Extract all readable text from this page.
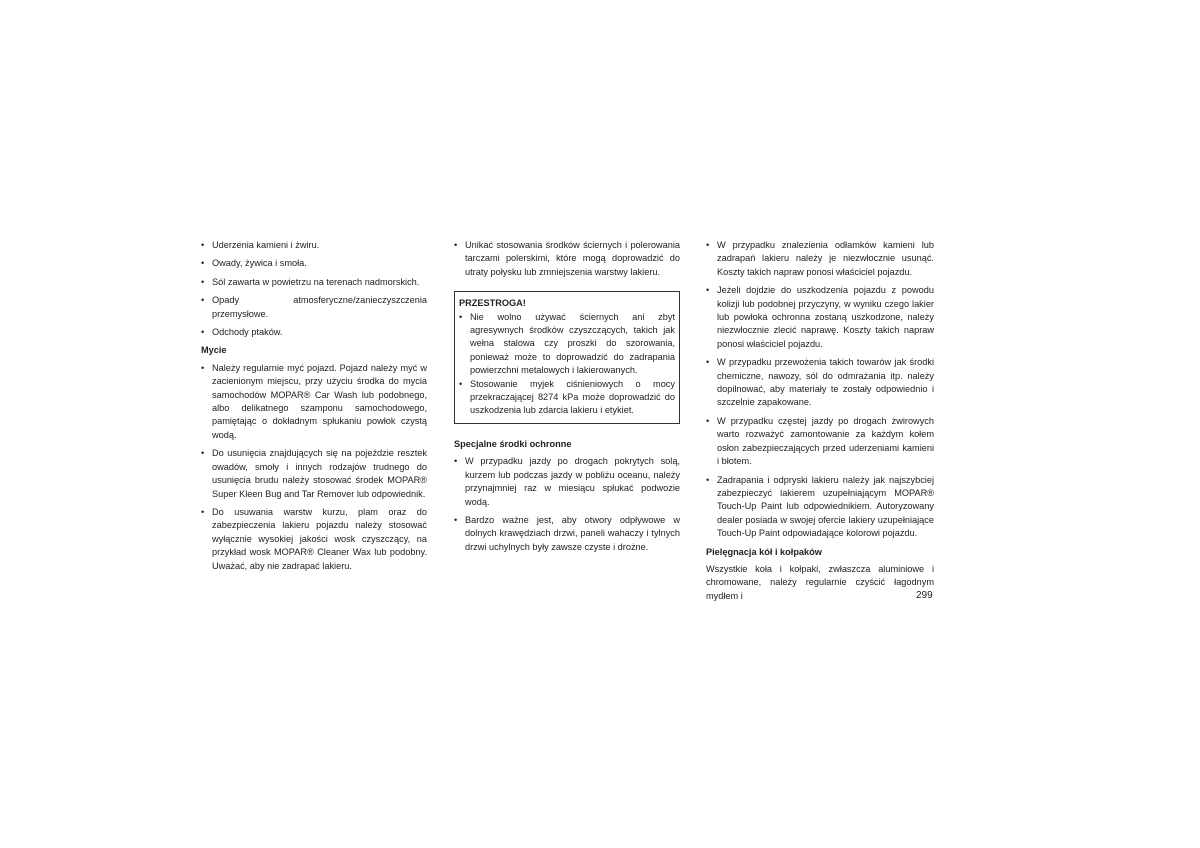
• Uderzenia kamieni i żwiru.
• Owady, żywica i smoła.
• Sól zawarta w powietrzu na terenach nadmorskich.
• Opady atmosferyczne/zanieczyszczenia przemysłowe.
• Odchody ptaków.
Mycie
• Należy regularnie myć pojazd. Pojazd należy myć w zacienionym miejscu, przy użyciu środka do mycia samochodów MOPAR® Car Wash lub podobnego, albo delikatnego szamponu samochodowego, pamiętając o dokładnym spłukaniu powłok czystą wodą.
• Do usunięcia znajdujących się na pojeździe resztek owadów, smoły i innych rodzajów trudnego do usunięcia brudu należy stosować środek MOPAR® Super Kleen Bug and Tar Remover lub odpowiednik.
• Do usuwania warstw kurzu, plam oraz do zabezpieczenia lakieru pojazdu należy stosować wyłącznie wysokiej jakości wosk czyszczący, na przykład wosk MOPAR® Cleaner Wax lub podobny. Uważać, aby nie zadrapać lakieru.
• Unikać stosowania środków ściernych i polerowania tarczami polerskimi, które mogą doprowadzić do utraty połysku lub zmniejszenia warstwy lakieru.
PRZESTROGA!
• Nie wolno używać ściernych ani zbyt agresywnych środków czyszczących, takich jak wełna stalowa czy proszki do szorowania, ponieważ może to doprowadzić do zadrapania powierzchni metalowych i lakierowanych.
• Stosowanie myjek ciśnieniowych o mocy przekraczającej 8274 kPa może doprowadzić do uszkodzenia lub zdarcia lakieru i etykiet.
Specjalne środki ochronne
• W przypadku jazdy po drogach pokrytych solą, kurzem lub podczas jazdy w pobliżu oceanu, należy przynajmniej raz w miesiącu spłukać podwozie wodą.
• Bardzo ważne jest, aby otwory odpływowe w dolnych krawędziach drzwi, paneli wahaczy i tylnych drzwi uchylnych były zawsze czyste i drożne.
• W przypadku znalezienia odłamków kamieni lub zadrapań lakieru należy je niezwłocznie usunąć. Koszty takich napraw ponosi właściciel pojazdu.
• Jeżeli dojdzie do uszkodzenia pojazdu z powodu kolizji lub podobnej przyczyny, w wyniku czego lakier lub powłoka ochronna zostaną uszkodzone, należy niezwłocznie zlecić naprawę. Koszty takich napraw ponosi właściciel pojazdu.
• W przypadku przewożenia takich towarów jak środki chemiczne, nawozy, sól do odmrażania itp. należy dopilnować, aby materiały te zostały odpowiednio i szczelnie zapakowane.
• W przypadku częstej jazdy po drogach żwirowych warto rozważyć zamontowanie za każdym kołem osłon zabezpieczających przed uderzeniami kamieni i błotem.
• Zadrapania i odpryski lakieru należy jak najszybciej zabezpieczyć lakierem uzupełniającym MOPAR® Touch-Up Paint lub odpowiednikiem. Autoryzowany dealer posiada w swojej ofercie lakiery uzupełniające Touch-Up Paint odpowiadające kolorowi pojazdu.
Pielęgnacja kół i kołpaków
Wszystkie koła i kołpaki, zwłaszcza aluminiowe i chromowane, należy regularnie czyścić łagodnym mydłem i	299
